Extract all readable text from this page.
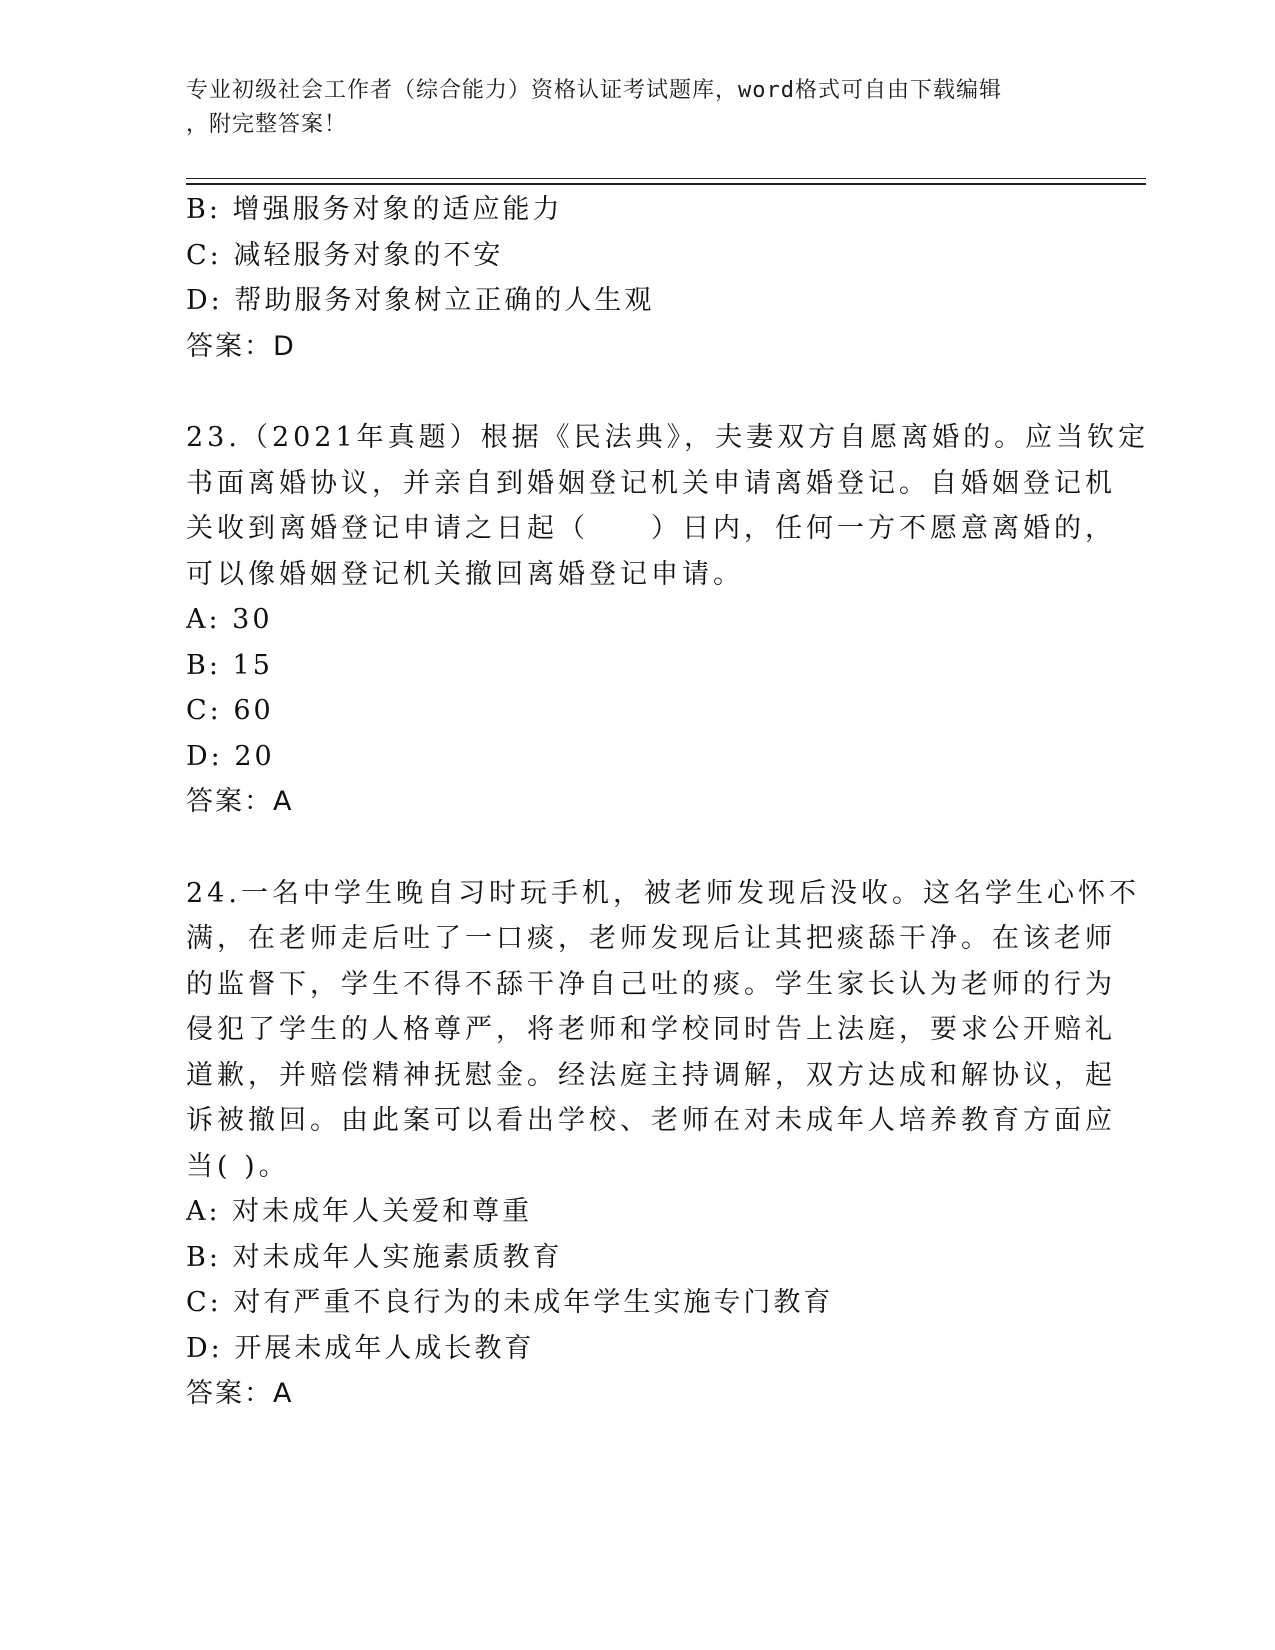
专业初级社会工作者（综合能力）资格认证考试题库，word格式可自由下载编辑
，附完整答案！
B: 增强服务对象的适应能力
C: 减轻服务对象的不安
D: 帮助服务对象树立正确的人生观
答案：D
23.（2021年真题）根据《民法典》，夫妻双方自愿离婚的。应当钦定
书面离婚协议，并亲自到婚姻登记机关申请离婚登记。自婚姻登记机
关收到离婚登记申请之日起（　　）日内，任何一方不愿意离婚的，
可以像婚姻登记机关撤回离婚登记申请。
A: 30
B: 15
C: 60
D: 20
答案：A
24.一名中学生晚自习时玩手机，被老师发现后没收。这名学生心怀不
满，在老师走后吐了一口痰，老师发现后让其把痰舔干净。在该老师
的监督下，学生不得不舔干净自己吐的痰。学生家长认为老师的行为
侵犯了学生的人格尊严，将老师和学校同时告上法庭，要求公开赔礼
道歉，并赔偿精神抚慰金。经法庭主持调解，双方达成和解协议，起
诉被撤回。由此案可以看出学校、老师在对未成年人培养教育方面应
当( )。
A: 对未成年人关爱和尊重
B: 对未成年人实施素质教育
C: 对有严重不良行为的未成年学生实施专门教育
D: 开展未成年人成长教育
答案：A
